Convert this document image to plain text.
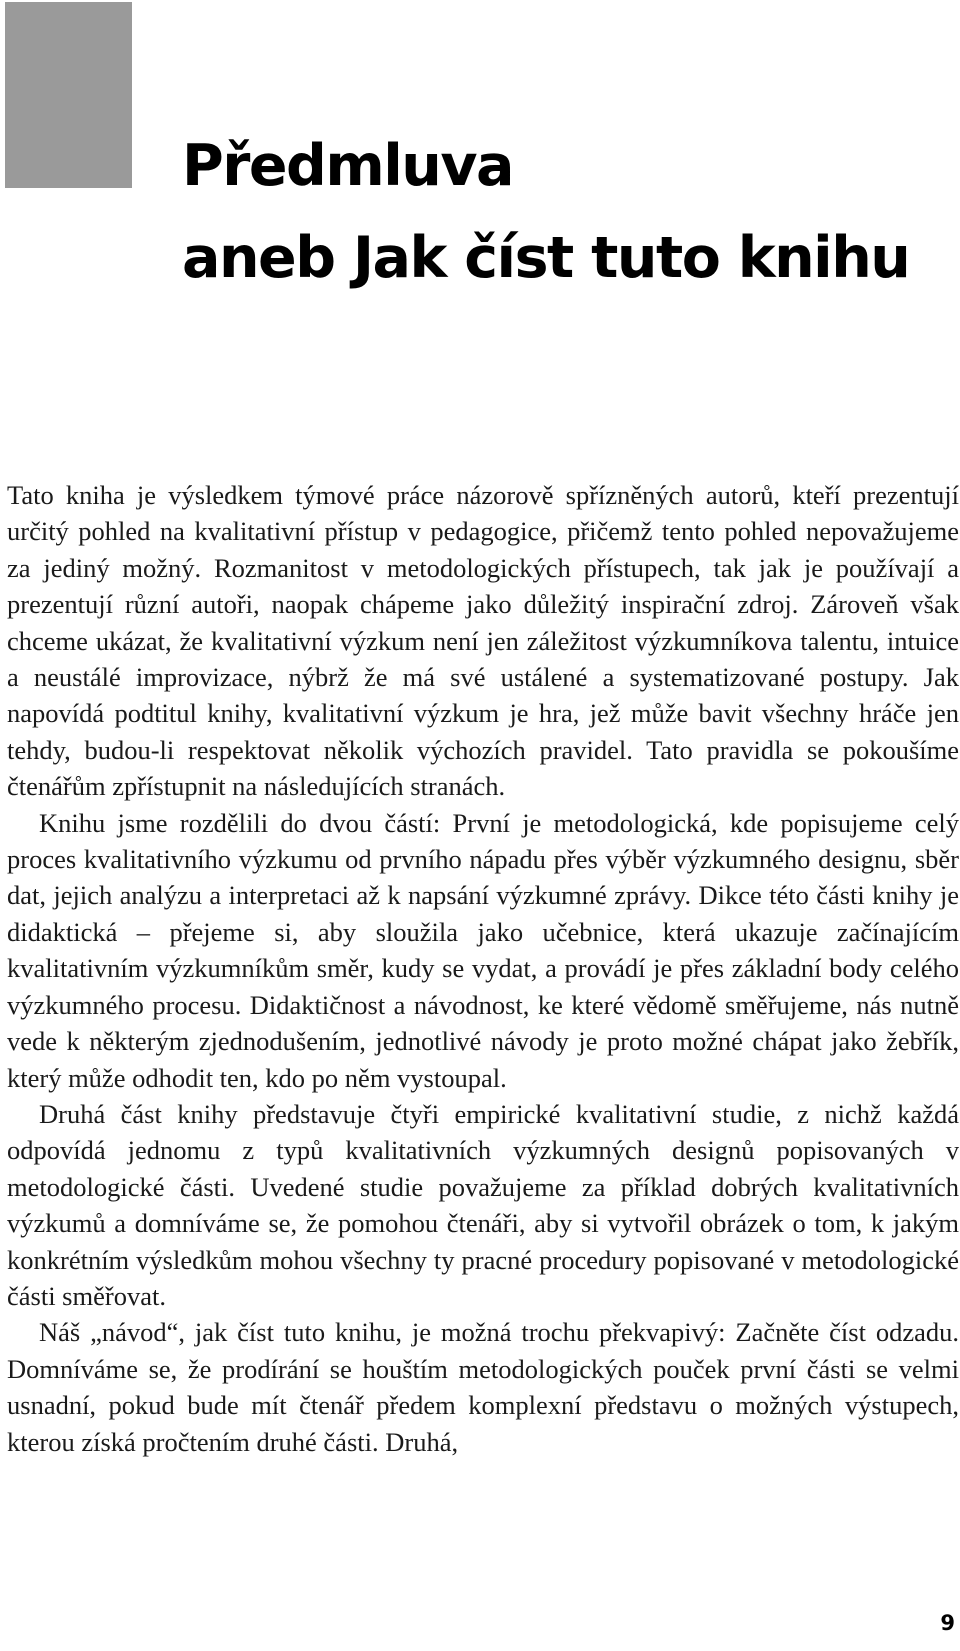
Předmluva
aneb Jak číst tuto knihu

Tato kniha je výsledkem týmové práce názorově spřízněných autorů, kteří prezentují určitý pohled na kvalitativní přístup v pedagogice, přičemž tento pohled nepovažujeme za jediný možný. Rozmanitost v metodologických přístupech, tak jak je používají a prezentují různí autoři, naopak chápeme jako důležitý inspirační zdroj. Zároveň však chceme ukázat, že kvalitativní výzkum není jen záležitost výzkumníkova talentu, intuice a neustálé improvizace, nýbrž že má své ustálené a systematizované postupy. Jak napovídá podtitul knihy, kvalitativní výzkum je hra, jež může bavit všechny hráče jen tehdy, budou-li respektovat několik výchozích pravidel. Tato pravidla se pokoušíme čtenářům zpřístupnit na následujících stranách.

Knihu jsme rozdělili do dvou částí: První je metodologická, kde popisujeme celý proces kvalitativního výzkumu od prvního nápadu přes výběr výzkumného designu, sběr dat, jejich analýzu a interpretaci až k napsání výzkumné zprávy. Dikce této části knihy je didaktická – přejeme si, aby sloužila jako učebnice, která ukazuje začínajícím kvalitativním výzkumníkům směr, kudy se vydat, a provádí je přes základní body celého výzkumného procesu. Didaktičnost a návodnost, ke které vědomě směřujeme, nás nutně vede k některým zjednodušením, jednotlivé návody je proto možné chápat jako žebřík, který může odhodit ten, kdo po něm vystoupal.

Druhá část knihy představuje čtyři empirické kvalitativní studie, z nichž každá odpovídá jednomu z typů kvalitativních výzkumných designů popisovaných v metodologické části. Uvedené studie považujeme za příklad dobrých kvalitativních výzkumů a domníváme se, že pomohou čtenáři, aby si vytvořil obrázek o tom, k jakým konkrétním výsledkům mohou všechny ty pracné procedury popisované v metodologické části směřovat.

Náš „návod“, jak číst tuto knihu, je možná trochu překvapivý: Začněte číst odzadu. Domníváme se, že prodírání se houštím metodologických pouček první části se velmi usnadní, pokud bude mít čtenář předem komplexní představu o možných výstupech, kterou získá pročtením druhé části. Druhá,

9
